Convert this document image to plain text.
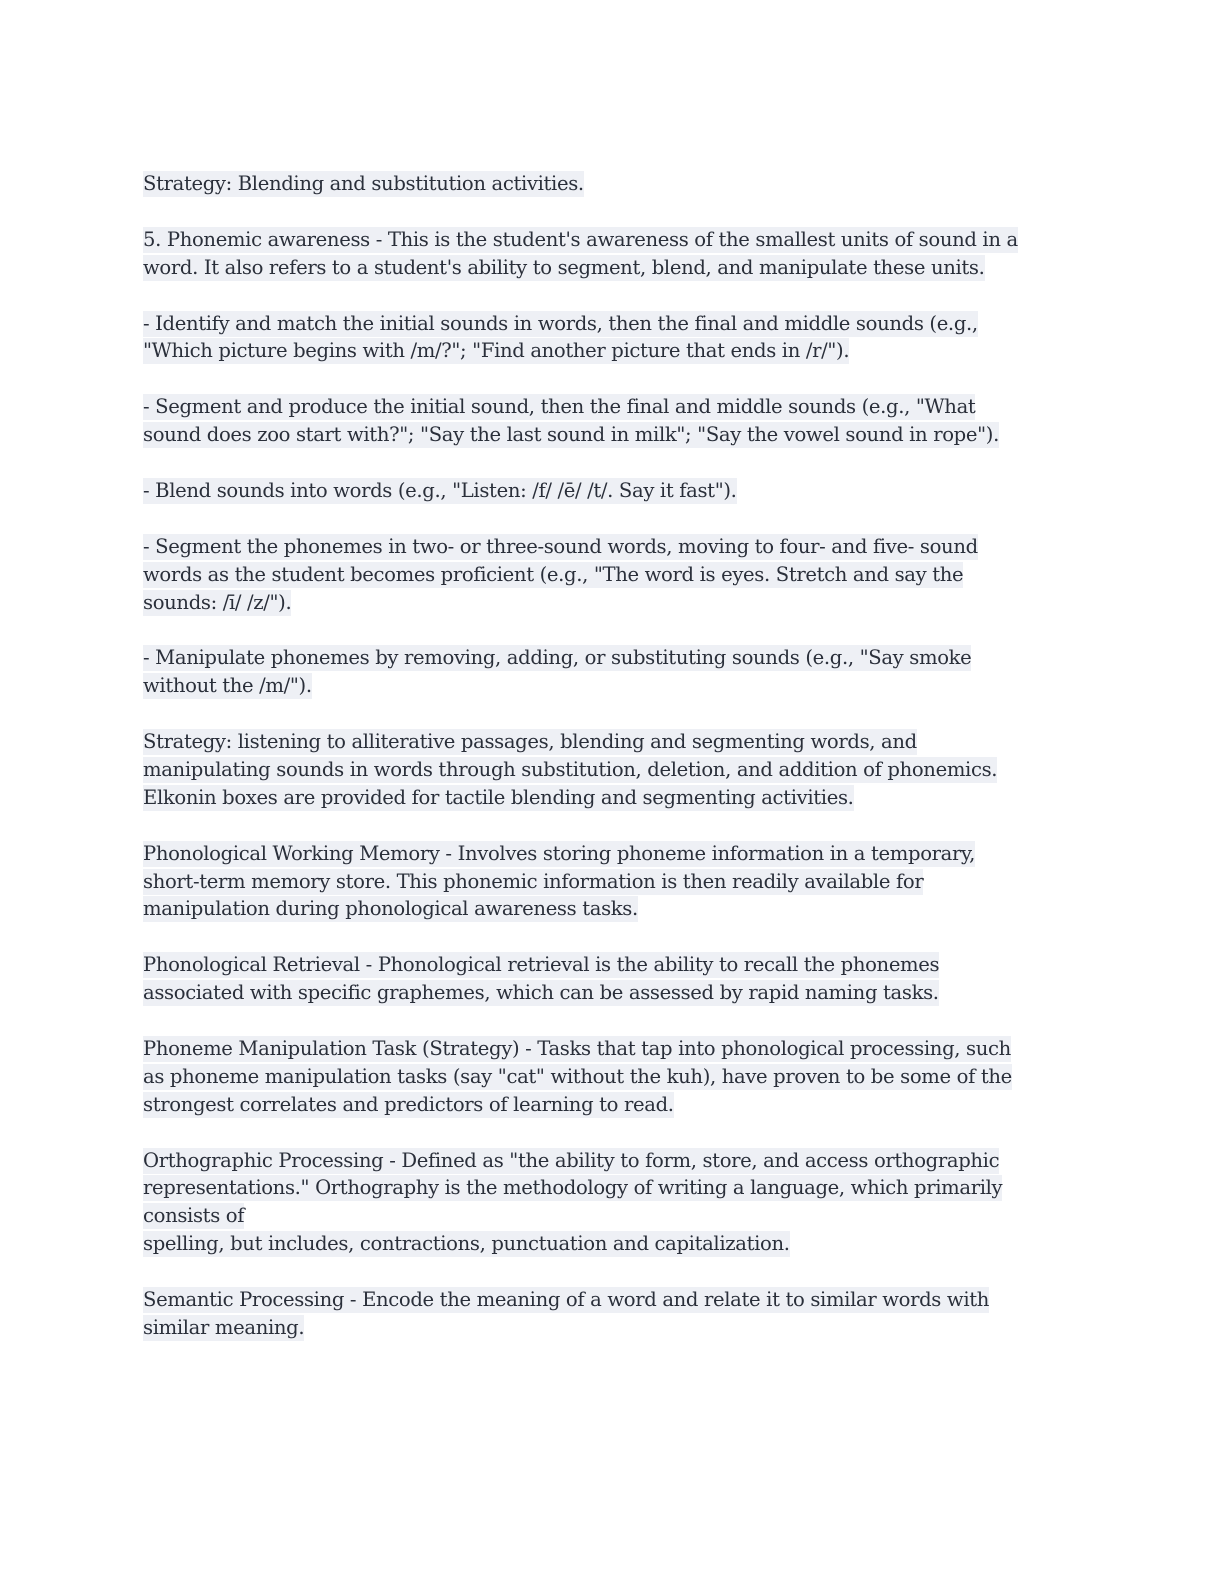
Strategy: Blending and substitution activities.
5. Phonemic awareness - This is the student's awareness of the smallest units of sound in a
word. It also refers to a student's ability to segment, blend, and manipulate these units.
- Identify and match the initial sounds in words, then the final and middle sounds (e.g.,
"Which picture begins with /m/?"; "Find another picture that ends in /r/").
- Segment and produce the initial sound, then the final and middle sounds (e.g., "What
sound does zoo start with?"; "Say the last sound in milk"; "Say the vowel sound in rope").
- Blend sounds into words (e.g., "Listen: /f/ /ē/ /t/. Say it fast").
- Segment the phonemes in two- or three-sound words, moving to four- and five- sound
words as the student becomes proficient (e.g., "The word is eyes. Stretch and say the
sounds: /ī/ /z/").
- Manipulate phonemes by removing, adding, or substituting sounds (e.g., "Say smoke
without the /m/").
Strategy: listening to alliterative passages, blending and segmenting words, and
manipulating sounds in words through substitution, deletion, and addition of phonemics.
Elkonin boxes are provided for tactile blending and segmenting activities.
Phonological Working Memory - Involves storing phoneme information in a temporary,
short-term memory store. This phonemic information is then readily available for
manipulation during phonological awareness tasks.
Phonological Retrieval - Phonological retrieval is the ability to recall the phonemes
associated with specific graphemes, which can be assessed by rapid naming tasks.
Phoneme Manipulation Task (Strategy) - Tasks that tap into phonological processing, such
as phoneme manipulation tasks (say "cat" without the kuh), have proven to be some of the
strongest correlates and predictors of learning to read.
Orthographic Processing - Defined as "the ability to form, store, and access orthographic
representations." Orthography is the methodology of writing a language, which primarily
consists of
spelling, but includes, contractions, punctuation and capitalization.
Semantic Processing - Encode the meaning of a word and relate it to similar words with
similar meaning.
